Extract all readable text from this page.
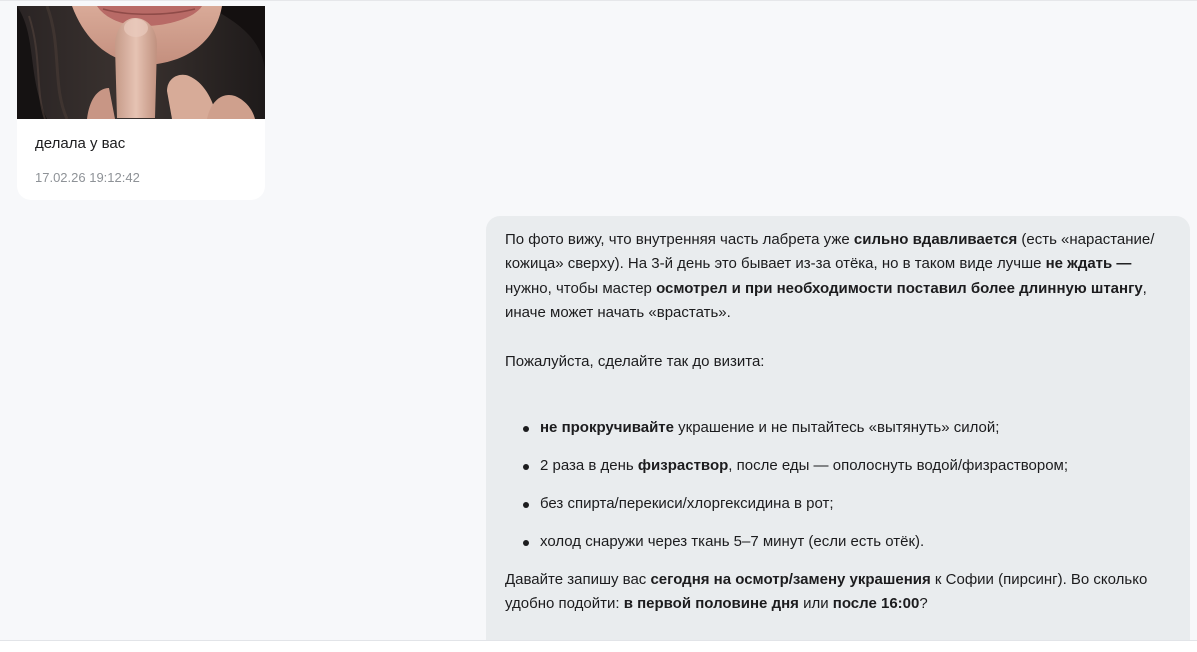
делала у вас
17.02.26 19:12:42

По фото вижу, что внутренняя часть лабрета уже сильно вдавливается (есть «нарастание/кожица» сверху). На 3-й день это бывает из-за отёка, но в таком виде лучше не ждать — нужно, чтобы мастер осмотрел и при необходимости поставил более длинную штангу, иначе может начать «врастать».

Пожалуйста, сделайте так до визита:

не прокручивайте украшение и не пытайтесь «вытянуть» силой;
2 раза в день физраствор, после еды — ополоснуть водой/физраствором;
без спирта/перекиси/хлоргексидина в рот;
холод снаружи через ткань 5–7 минут (если есть отёк).

Давайте запишу вас сегодня на осмотр/замену украшения к Софии (пирсинг). Во сколько удобно подойти: в первой половине дня или после 16:00?
